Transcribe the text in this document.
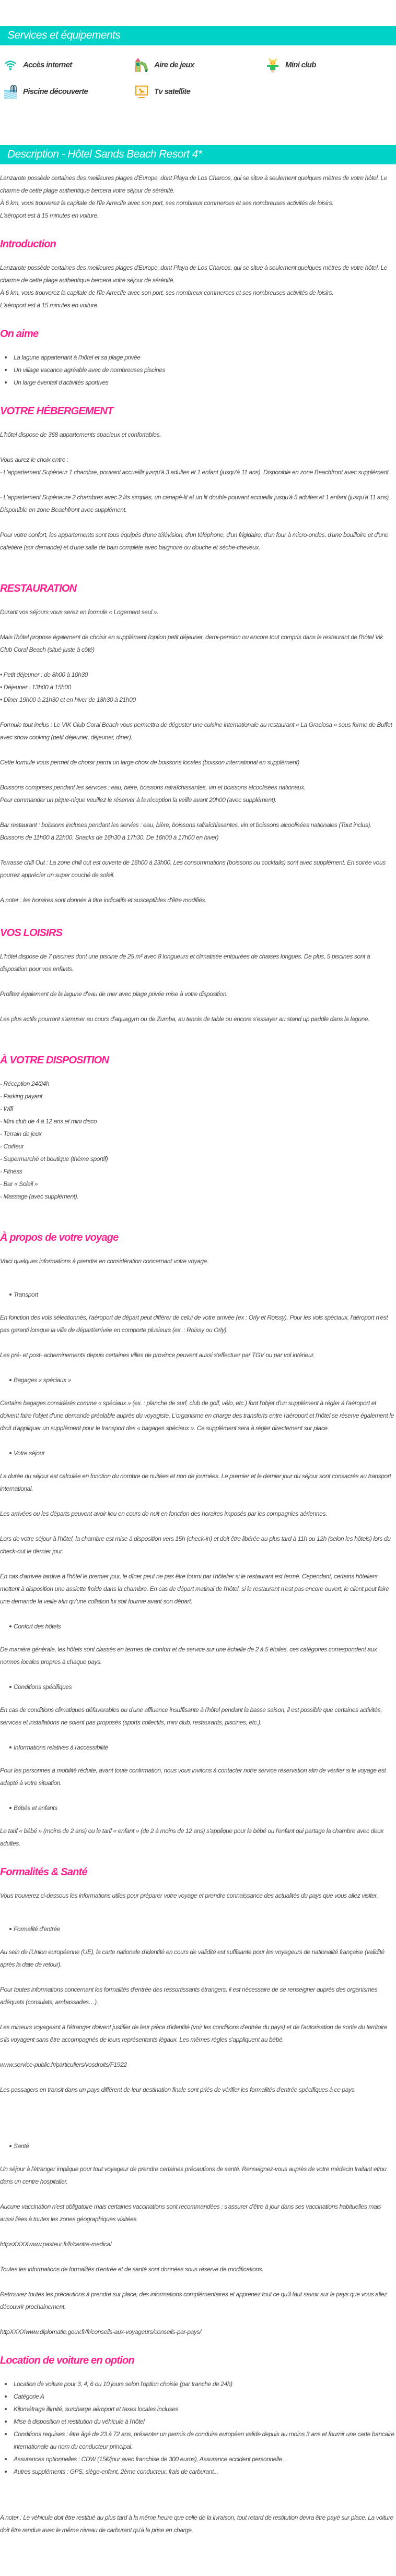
Services et équipements
Accès internet	Aire de jeux	Mini club
Piscine découverte	Tv satellite
Description - Hôtel Sands Beach Resort 4*
Lanzarote possède certaines des meilleures plages d'Europe, dont Playa de Los Charcos, qui se situe à seulement quelques mètres de votre hôtel. Le charme de cette plage authentique bercera votre séjour de sérénité.
À 6 km, vous trouverez la capitale de l'île Arrecife avec son port, ses nombreux commerces et ses nombreuses activités de loisirs.
L'aéroport est à 15 minutes en voiture.
Introduction
Lanzarote possède certaines des meilleures plages d'Europe, dont Playa de Los Charcos, qui se situe à seulement quelques mètres de votre hôtel. Le charme de cette plage authentique bercera votre séjour de sérénité.
À 6 km, vous trouverez la capitale de l'île Arrecife avec son port, ses nombreux commerces et ses nombreuses activités de loisirs.
L'aéroport est à 15 minutes en voiture.
On aime
La lagune appartenant à l'hôtel et sa plage privée
Un village vacance agréable avec de nombreuses piscines
Un large éventail d'activités sportives
VOTRE HÉBERGEMENT

L'hôtel dispose de 368 appartements spacieux et confortables.

Vous aurez le choix entre :

- L'appartement Supérieur 1 chambre, pouvant accueillir jusqu'à 3 adultes et 1 enfant (jusqu'à 11 ans). Disponible en zone Beachfront avec supplément.

- L'appartement Supérieure 2 chambres avec 2 lits simples, un canapé-lit et un lit double pouvant accueillir jusqu'à 5 adultes et 1 enfant (jusqu'à 11 ans). Disponible en zone Beachfront avec supplément.

Pour votre confort, les appartements sont tous équipés d'une télévision, d'un téléphone, d'un frigidaire, d'un four à micro-ondes, d'une bouilloire et d'une cafetière (sur demande) et d'une salle de bain complète avec baignoire ou douche et sèche-cheveux.

RESTAURATION

Durant vos séjours vous serez en formule « Logement seul ».

Mais l'hôtel propose également de choisir en supplément l'option petit déjeuner, demi-pension ou encore tout compris dans le restaurant de l'hôtel Vik Club Coral Beach (situé juste à côté)

• Petit déjeuner : de 8h00 à 10h30
• Déjeuner : 13h00 à 15h00
• Dîner 19h00 à 21h30 et en hiver de 18h30 à 21h00

Formule tout inclus : Le VIK Club Coral Beach vous permettra de déguster une cuisine internationale au restaurant « La Graciosa » sous forme de Buffet avec show cooking (petit déjeuner, déjeuner, diner).

Cette formule vous permet de choisir parmi un large choix de boissons locales (boisson international en supplément)

Boissons comprises pendant les services : eau, bière, boissons rafraîchissantes, vin et boissons alcoolisées nationaux.
Pour commander un pique-nique veuillez le réserver à la réception la veille avant 20h00 (avec supplément).

Bar restaurant : boissons incluses pendant les servies : eau, bière, boissons rafraîchissantes, vin et boissons alcoolisées nationales (Tout inclus). Boissons de 11h00 à 22h00. Snacks de 16h30 à 17h30. De 16h00 à 17h00 en hiver)

Terrasse chill Out : La zone chill out est ouverte de 16h00 à 23h00. Les consommations (boissons ou cocktails) sont avec supplément. En soirée vous pourrez apprécier un super couché de soleil.

A noter : les horaires sont donnés à titre indicatifs et susceptibles d'être modifiés.

VOS LOISIRS

L'hôtel dispose de 7 piscines dont une piscine de 25 m² avec 8 longueurs et climatisée entourées de chaises longues. De plus, 5 piscines sont à disposition pour vos enfants.

Profitez également de la lagune d'eau de mer avec plage privée mise à votre disposition.

Les plus actifs pourront s'amuser au cours d'aquagym ou de Zumba, au tennis de table ou encore s'essayer au stand up paddle dans la lagune.

À VOTRE DISPOSITION
- Réception 24/24h
- Parking payant
- Wifi
- Mini club de 4 à 12 ans et mini disco
- Terrain de jeux
- Coiffeur
- Supermarché et boutique (thème sportif)
- Fitness
- Bar « Soleil »
- Massage (avec supplément).
À propos de votre voyage

Voici quelques informations à prendre en considération concernant votre voyage.

Transport

En fonction des vols sélectionnés, l'aéroport de départ peut différer de celui de votre arrivée (ex : Orly et Roissy). Pour les vols spéciaux, l'aéroport n'est pas garanti lorsque la ville de départ/arrivée en comporte plusieurs (ex. : Roissy ou Orly).

Les pré- et post- acheminements depuis certaines villes de province peuvent aussi s'effectuer par TGV ou par vol intérieur.

Bagages « spéciaux »

Certains bagages considérés comme « spéciaux » (ex. : planche de surf, club de golf, vélo, etc.) font l'objet d'un supplément à régler à l'aéroport et doivent faire l'objet d'une demande préalable auprès du voyagiste. L'organisme en charge des transferts entre l'aéroport et l'hôtel se réserve également le droit d'appliquer un supplément pour le transport des « bagages spéciaux ». Ce supplément sera à régler directement sur place.

Votre séjour

La durée du séjour est calculée en fonction du nombre de nuitées et non de journées. Le premier et le dernier jour du séjour sont consacrés au transport international.

Les arrivées ou les départs peuvent avoir lieu en cours de nuit en fonction des horaires imposés par les compagnies aériennes.

Lors de votre séjour à l'hôtel, la chambre est mise à disposition vers 15h (check-in) et doit être libérée au plus tard à 11h ou 12h (selon les hôtels) lors du check-out le dernier jour.

En cas d'arrivée tardive à l'hôtel le premier jour, le dîner peut ne pas être fourni par l'hôtelier si le restaurant est fermé. Cependant, certains hôteliers mettent à disposition une assiette froide dans la chambre. En cas de départ matinal de l'hôtel, si le restaurant n'est pas encore ouvert, le client peut faire une demande la veille afin qu'une collation lui soit fournie avant son départ.

Confort des hôtels

De manière générale, les hôtels sont classés en termes de confort et de service sur une échelle de 2 à 5 étoiles, ces catégories correspondent aux normes locales propres à chaque pays.

Conditions spécifiques

En cas de conditions climatiques défavorables ou d'une affluence insuffisante à l'hôtel pendant la basse saison, il est possible que certaines activités, services et installations ne soient pas proposés (sports collectifs, mini club, restaurants, piscines, etc.).

Informations relatives à l'accessibilité

Pour les personnes à mobilité réduite, avant toute confirmation, nous vous invitons à contacter notre service réservation afin de vérifier si le voyage est adapté à votre situation.

Bébés et enfants

Le tarif « bébé » (moins de 2 ans) ou le tarif « enfant » (de 2 à moins de 12 ans) s'applique pour le bébé ou l'enfant qui partage la chambre avec deux adultes.

Formalités & Santé

Vous trouverez ci-dessous les informations utiles pour préparer votre voyage et prendre connaissance des actualités du pays que vous allez visiter.

Formalité d'entrée

Au sein de l'Union européenne (UE), la carte nationale d'identité en cours de validité est suffisante pour les voyageurs de nationalité française (validité après la date de retour).

Pour toutes informations concernant les formalités d'entrée des ressortissants étrangers, il est nécessaire de se renseigner auprès des organismes adéquats (consulats, ambassades…).

Les mineurs voyageant à l'étranger doivent justifier de leur pièce d'identité (voir les conditions d'entrée du pays) et de l'autorisation de sortie du territoire s'ils voyagent sans être accompagnés de leurs représentants légaux. Les mêmes règles s'appliquent au bébé.

www.service-public.fr/particuliers/vosdroits/F1922

Les passagers en transit dans un pays différent de leur destination finale sont priés de vérifier les formalités d'entrée spécifiques à ce pays.

Santé

Un séjour à l'étranger implique pour tout voyageur de prendre certaines précautions de santé. Renseignez-vous auprès de votre médecin traitant et/ou dans un centre hospitalier.

Aucune vaccination n'est obligatoire mais certaines vaccinations sont recommandées ; s'assurer d'être à jour dans ses vaccinations habituelles mais aussi liées à toutes les zones géographiques visitées.

httpsXXXXwww.pasteur.fr/fr/centre-medical

Toutes les informations de formalités d'entrée et de santé sont données sous réserve de modifications.

Retrouvez toutes les précautions à prendre sur place, des informations complémentaires et apprenez tout ce qu'il faut savoir sur le pays que vous allez découvrir prochainement.

httpXXXXwww.diplomatie.gouv.fr/fr/conseils-aux-voyageurs/conseils-par-pays/

Location de voiture en option
Location de voiture pour 3, 4, 6 ou 10 jours selon l'option choisie (par tranche de 24h)
Catégorie A
Kilométrage illimité, surcharge aéroport et taxes locales incluses
Mise à disposition et restitution du véhicule à l'hôtel
Conditions requises : être âgé de 23 à 72 ans, présenter un permis de conduire européen valide depuis au moins 3 ans et fournir une carte bancaire internationale au nom du conducteur principal.
Assurances optionnelles : CDW (15€/jour avec franchise de 300 euros), Assurance accident personnelle…
Autres suppléments : GPS, siège-enfant, 2ème conducteur, frais de carburant...

A noter : Le véhicule doit être restitué au plus tard à la même heure que celle de la livraison, tout retard de restitution devra être payé sur place. La voiture doit être rendue avec le même niveau de carburant qu'à la prise en charge.
